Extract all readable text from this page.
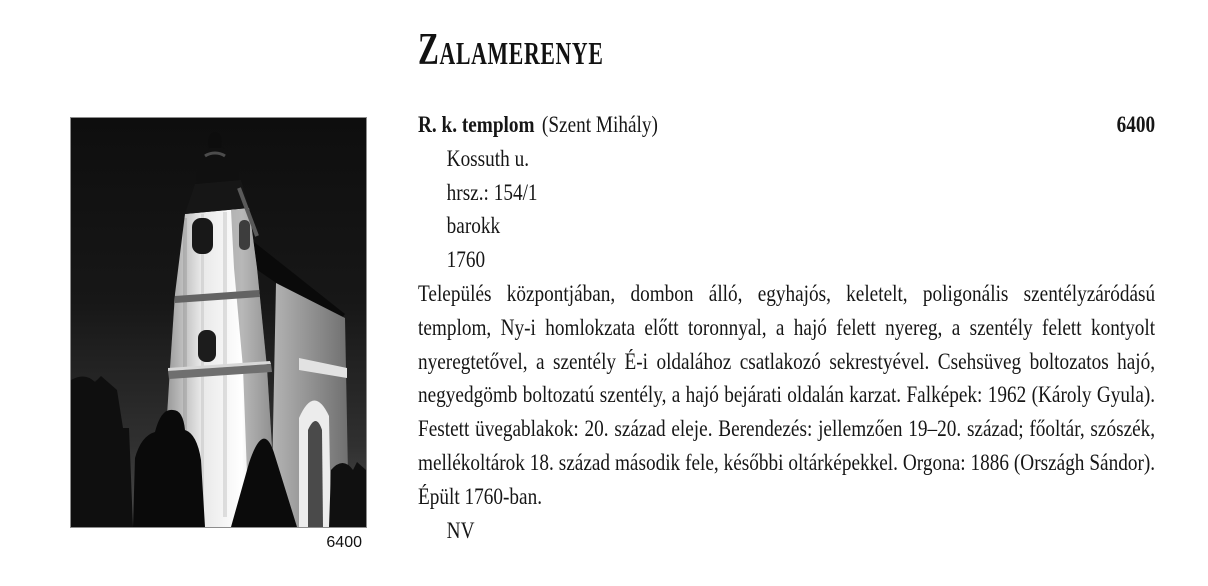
Zalamerenye
6400
R. k. templom (Szent Mihály)	6400
Kossuth u.
hrsz.: 154/1
barokk
1760

Település központjában, dombon álló, egyhajós, keletelt, poligonális szentélyzáródású templom, Ny-i homlokzata előtt toronnyal, a hajó felett nyereg, a szentély felett kontyolt nyeregtetővel, a szentély É-i oldalához csatlakozó sekrestyével. Csehsüveg boltozatos hajó, negyedgömb boltozatú szentély, a hajó bejárati oldalán karzat. Falképek: 1962 (Károly Gyula). Festett üvegablakok: 20. század eleje. Berendezés: jellemzően 19–20. század; főoltár, szószék, mellékoltárok 18. század második fele, későbbi oltárképekkel. Orgona: 1886 (Országh Sándor). Épült 1760-ban.

NV
